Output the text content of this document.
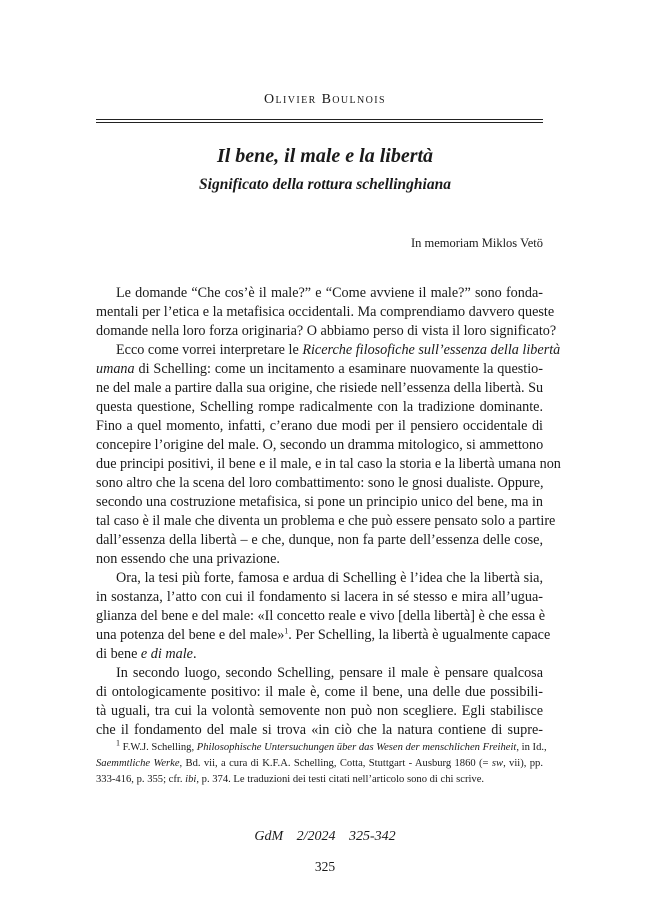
Olivier Boulnois
Il bene, il male e la libertà
Significato della rottura schellinghiana
In memoriam Miklos Vetö
Le domande “Che cos’è il male?” e “Come avviene il male?” sono fonda-
mentali per l’etica e la metafisica occidentali. Ma comprendiamo davvero queste
domande nella loro forza originaria? O abbiamo perso di vista il loro significato?
Ecco come vorrei interpretare le Ricerche filosofiche sull’essenza della libertà
umana di Schelling: come un incitamento a esaminare nuovamente la questio-
ne del male a partire dalla sua origine, che risiede nell’essenza della libertà. Su
questa questione, Schelling rompe radicalmente con la tradizione dominante.
Fino a quel momento, infatti, c’erano due modi per il pensiero occidentale di
concepire l’origine del male. O, secondo un dramma mitologico, si ammettono
due principi positivi, il bene e il male, e in tal caso la storia e la libertà umana non
sono altro che la scena del loro combattimento: sono le gnosi dualiste. Oppure,
secondo una costruzione metafisica, si pone un principio unico del bene, ma in
tal caso è il male che diventa un problema e che può essere pensato solo a partire
dall’essenza della libertà – e che, dunque, non fa parte dell’essenza delle cose,
non essendo che una privazione.
Ora, la tesi più forte, famosa e ardua di Schelling è l’idea che la libertà sia,
in sostanza, l’atto con cui il fondamento si lacera in sé stesso e mira all’ugua-
glianza del bene e del male: «Il concetto reale e vivo [della libertà] è che essa è
una potenza del bene e del male»$^1$. Per Schelling, la libertà è ugualmente capace
di bene e di male.
In secondo luogo, secondo Schelling, pensare il male è pensare qualcosa
di ontologicamente positivo: il male è, come il bene, una delle due possibili-
tà uguali, tra cui la volontà semovente non può non scegliere. Egli stabilisce
che il fondamento del male si trova «in ciò che la natura contiene di supre-
$^1$ F.W.J. Schelling, Philosophische Untersuchungen über das Wesen der menschlichen Freiheit, in Id.,
Saemmtliche Werke, Bd. vii, a cura di K.F.A. Schelling, Cotta, Stuttgart - Ausburg 1860 (= sw, vii), pp.
333-416, p. 355; cfr. ibi, p. 374. Le traduzioni dei testi citati nell’articolo sono di chi scrive.
GdM 2/2024 325-342
325
